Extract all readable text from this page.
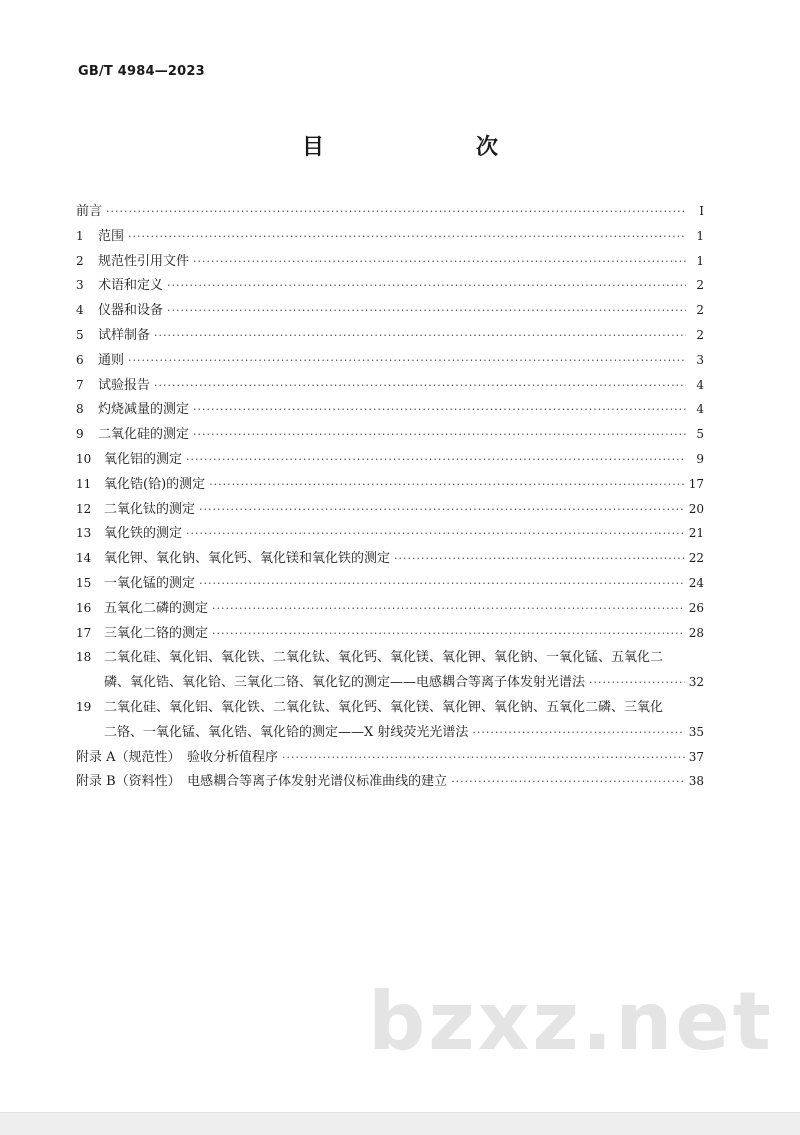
GB/T 4984—2023
目　　次
前言 ·····	Ⅰ
1	范围 ·····	1
2	规范性引用文件 ·····	1
3	术语和定义 ·····	2
4	仪器和设备 ·····	2
5	试样制备 ·····	2
6	通则 ·····	3
7	试验报告 ·····	4
8	灼烧减量的测定 ·····	4
9	二氧化硅的测定 ·····	5
10 氧化铝的测定 ·····	9
11 氧化锆(铪)的测定 ·····	17
12 二氧化钛的测定 ·····	20
13 氧化铁的测定 ·····	21
14 氧化钾、氧化钠、氧化钙、氧化镁和氧化铁的测定 ·····	22
15 一氧化锰的测定 ·····	24
16 五氧化二磷的测定 ·····	26
17 三氧化二铬的测定 ·····	28
18 二氧化硅、氧化铝、氧化铁、二氧化钛、氧化钙、氧化镁、氧化钾、氧化钠、一氧化锰、五氧化二
磷、氧化锆、氧化铪、三氧化二铬、氧化钇的测定——电感耦合等离子体发射光谱法 ·····	32
19 二氧化硅、氧化铝、氧化铁、二氧化钛、氧化钙、氧化镁、氧化钾、氧化钠、五氧化二磷、三氧化
二铬、一氧化锰、氧化锆、氧化铪的测定——X 射线荧光光谱法 ·····	35
附录 A（规范性）　验收分析值程序 ·····	37
附录 B（资料性）　电感耦合等离子体发射光谱仪标准曲线的建立 ·····	38
bzxz.net
